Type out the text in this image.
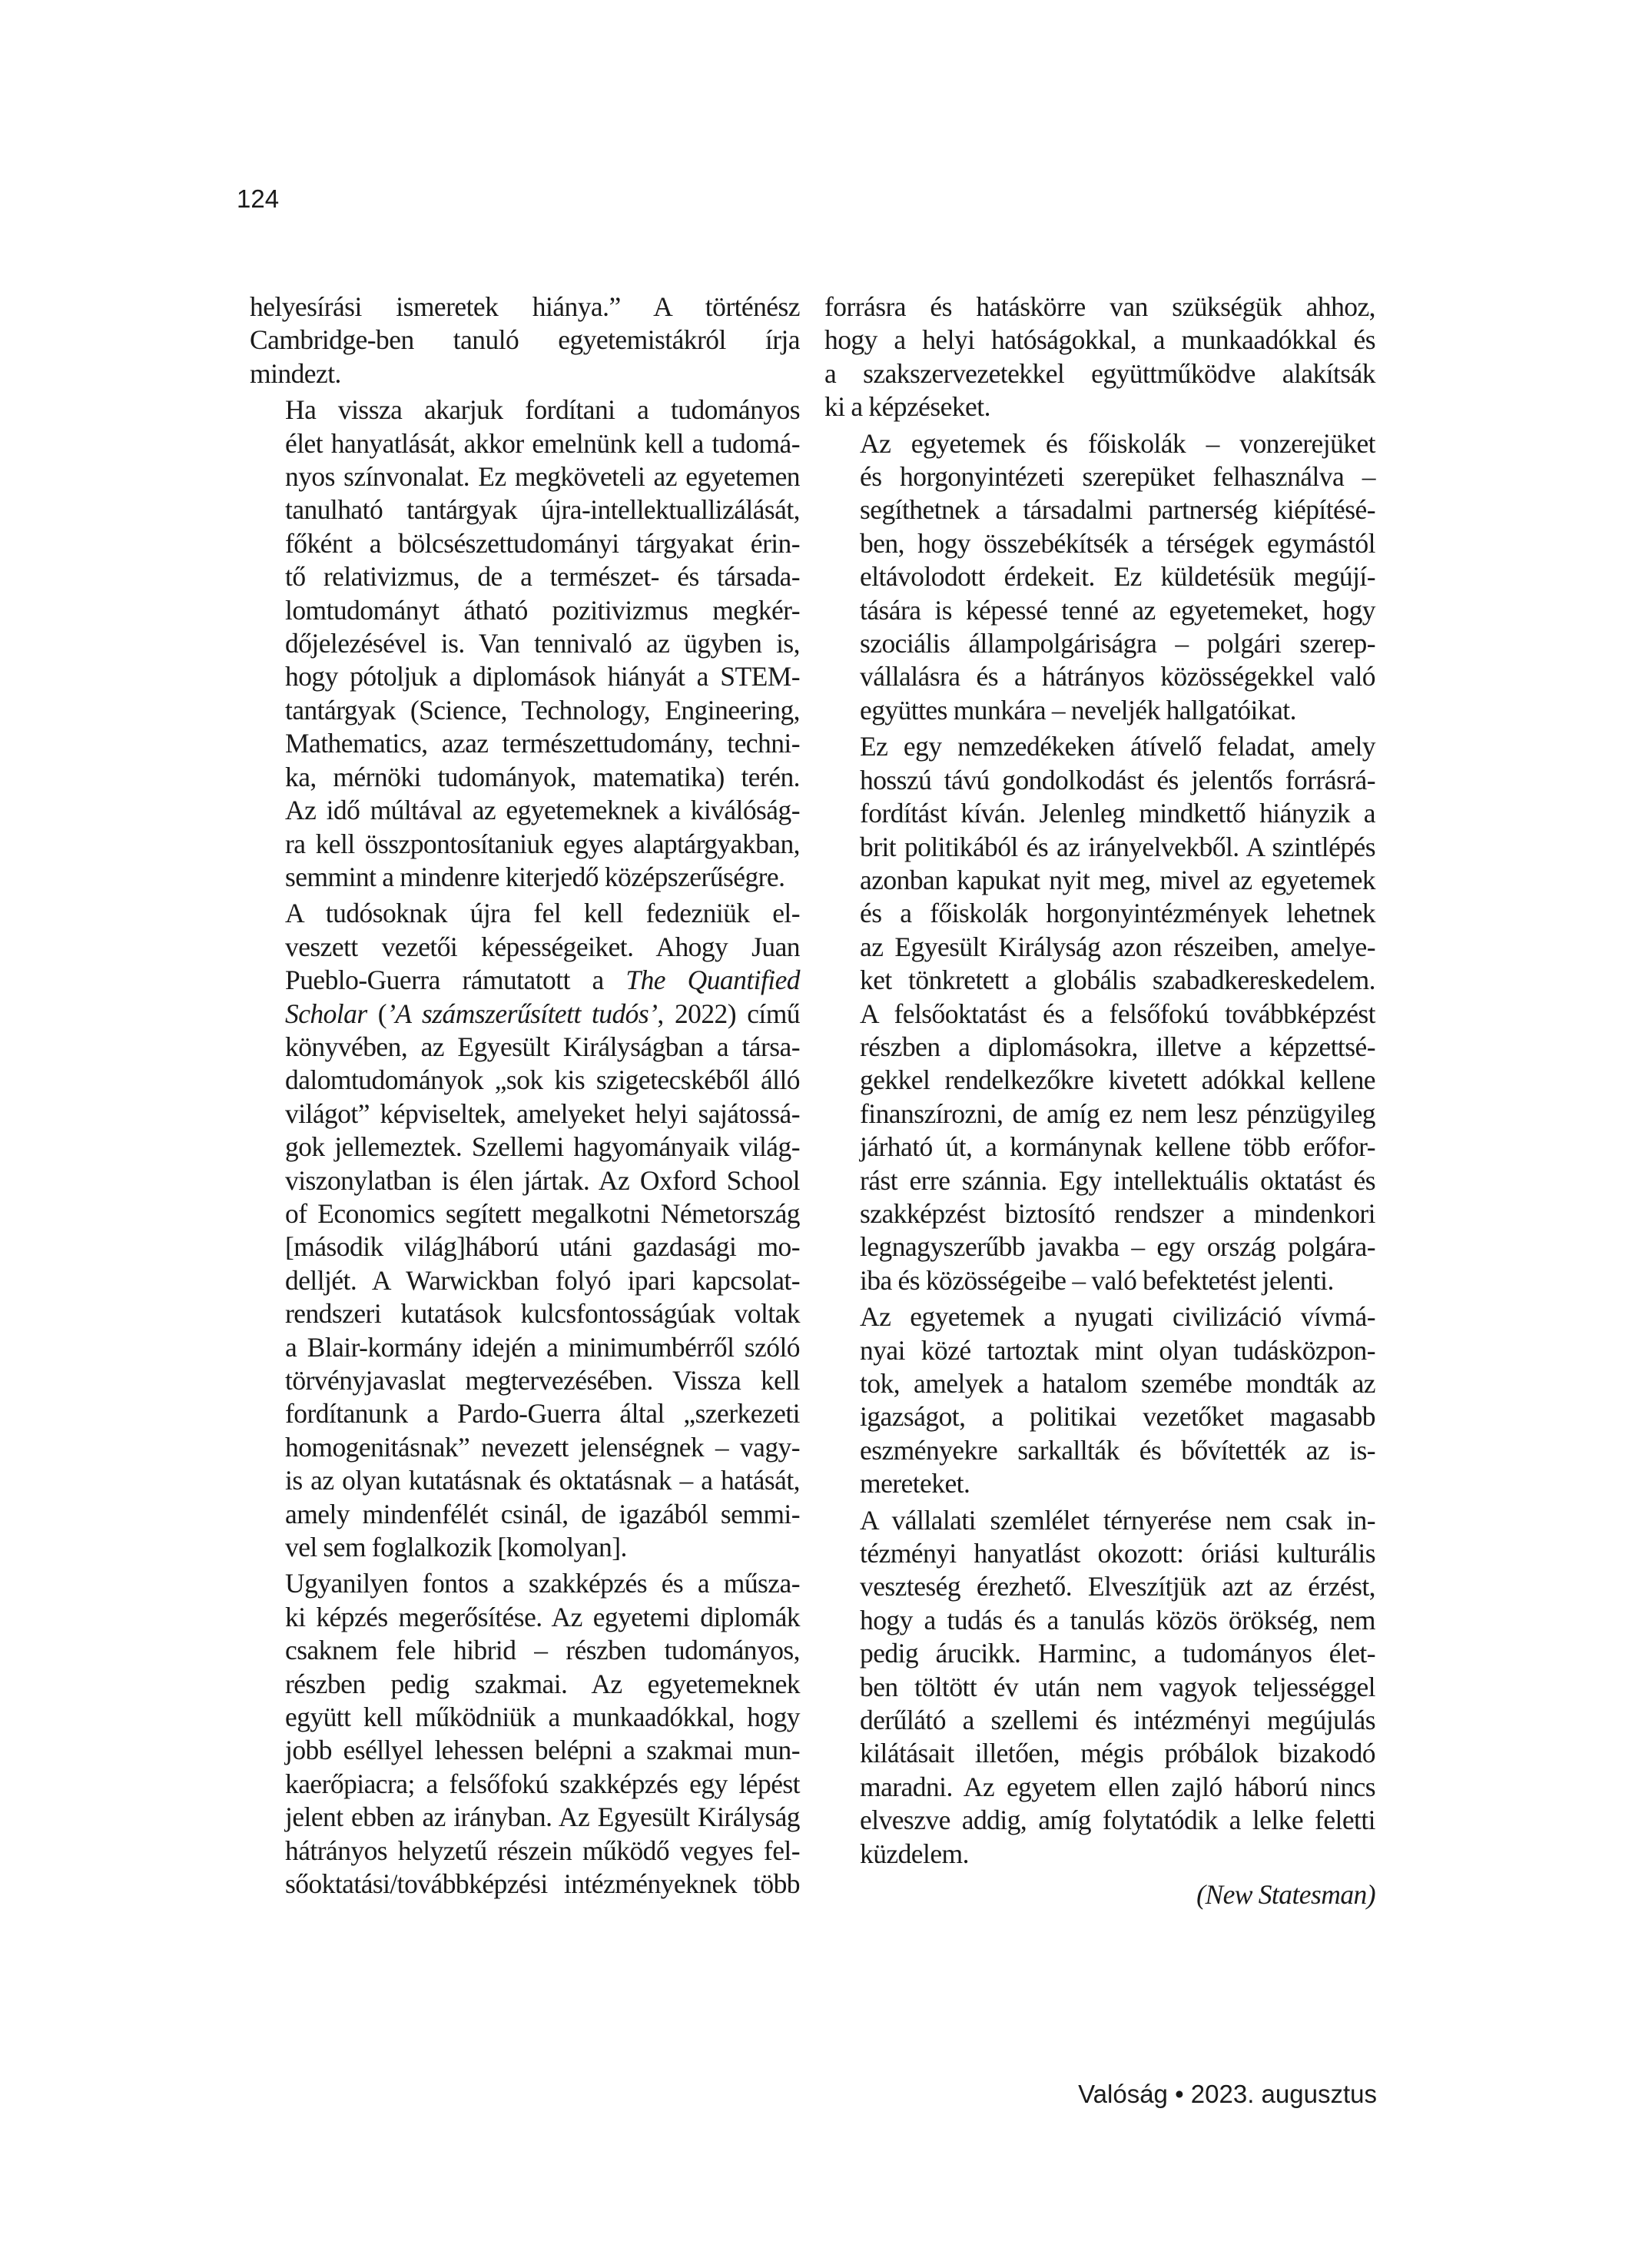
124
helyesírási ismeretek hiánya.” A történész
Cambridge-ben tanuló egyetemistákról írja
mindezt.
Ha vissza akarjuk fordítani a tudományos
élet hanyatlását, akkor emelnünk kell a tudomá-
nyos színvonalat. Ez megköveteli az egyetemen
tanulható tantárgyak újra-intellektuallizálását,
főként a bölcsészettudományi tárgyakat érin-
tő relativizmus, de a természet- és társada-
lomtudományt átható pozitivizmus megkér-
dőjelezésével is. Van tennivaló az ügyben is,
hogy pótoljuk a diplomások hiányát a STEM-
tantárgyak (Science, Technology, Engineering,
Mathematics, azaz természettudomány, techni-
ka, mérnöki tudományok, matematika) terén.
Az idő múltával az egyetemeknek a kiválóság-
ra kell összpontosítaniuk egyes alaptárgyakban,
semmint a mindenre kiterjedő középszerűségre.
A tudósoknak újra fel kell fedezniük el-
veszett vezetői képességeiket. Ahogy Juan
Pueblo-Guerra rámutatott a The Quantified
Scholar (’A számszerűsített tudós’, 2022) című
könyvében, az Egyesült Királyságban a társa-
dalomtudományok „sok kis szigetecskéből álló
világot” képviseltek, amelyeket helyi sajátossá-
gok jellemeztek. Szellemi hagyományaik világ-
viszonylatban is élen jártak. Az Oxford School
of Economics segített megalkotni Németország
[második világ]háború utáni gazdasági mo-
delljét. A Warwickban folyó ipari kapcsolat-
rendszeri kutatások kulcsfontosságúak voltak
a Blair-kormány idején a minimumbérről szóló
törvényjavaslat megtervezésében. Vissza kell
fordítanunk a Pardo-Guerra által „szerkezeti
homogenitásnak” nevezett jelenségnek – vagy-
is az olyan kutatásnak és oktatásnak – a hatását,
amely mindenfélét csinál, de igazából semmi-
vel sem foglalkozik [komolyan].
Ugyanilyen fontos a szakképzés és a műsza-
ki képzés megerősítése. Az egyetemi diplomák
csaknem fele hibrid – részben tudományos,
részben pedig szakmai. Az egyetemeknek
együtt kell működniük a munkaadókkal, hogy
jobb eséllyel lehessen belépni a szakmai mun-
kaerőpiacra; a felsőfokú szakképzés egy lépést
jelent ebben az irányban. Az Egyesült Királyság
hátrányos helyzetű részein működő vegyes fel-
sőoktatási/továbbképzési intézményeknek több
forrásra és hatáskörre van szükségük ahhoz,
hogy a helyi hatóságokkal, a munkaadókkal és
a szakszervezetekkel együttműködve alakítsák
ki a képzéseket.
Az egyetemek és főiskolák – vonzerejüket
és horgonyintézeti szerepüket felhasználva –
segíthetnek a társadalmi partnerség kiépítésé-
ben, hogy összebékítsék a térségek egymástól
eltávolodott érdekeit. Ez küldetésük megújí-
tására is képessé tenné az egyetemeket, hogy
szociális állampolgáriságra – polgári szerep-
vállalásra és a hátrányos közösségekkel való
együttes munkára – neveljék hallgatóikat.
Ez egy nemzedékeken átívelő feladat, amely
hosszú távú gondolkodást és jelentős forrásrá-
fordítást kíván. Jelenleg mindkettő hiányzik a
brit politikából és az irányelvekből. A szintlépés
azonban kapukat nyit meg, mivel az egyetemek
és a főiskolák horgonyintézmények lehetnek
az Egyesült Királyság azon részeiben, amelye-
ket tönkretett a globális szabadkereskedelem.
A felsőoktatást és a felsőfokú továbbképzést
részben a diplomásokra, illetve a képzettsé-
gekkel rendelkezőkre kivetett adókkal kellene
finanszírozni, de amíg ez nem lesz pénzügyileg
járható út, a kormánynak kellene több erőfor-
rást erre szánnia. Egy intellektuális oktatást és
szakképzést biztosító rendszer a mindenkori
legnagyszerűbb javakba – egy ország polgára-
iba és közösségeibe – való befektetést jelenti.
Az egyetemek a nyugati civilizáció vívmá-
nyai közé tartoztak mint olyan tudásközpon-
tok, amelyek a hatalom szemébe mondták az
igazságot, a politikai vezetőket magasabb
eszményekre sarkallták és bővítették az is-
mereteket.
A vállalati szemlélet térnyerése nem csak in-
tézményi hanyatlást okozott: óriási kulturális
veszteség érezhető. Elveszítjük azt az érzést,
hogy a tudás és a tanulás közös örökség, nem
pedig árucikk. Harminc, a tudományos élet-
ben töltött év után nem vagyok teljességgel
derűlátó a szellemi és intézményi megújulás
kilátásait illetően, mégis próbálok bizakodó
maradni. Az egyetem ellen zajló háború nincs
elveszve addig, amíg folytatódik a lelke feletti
küzdelem.
(New Statesman)
Valóság • 2023. augusztus
